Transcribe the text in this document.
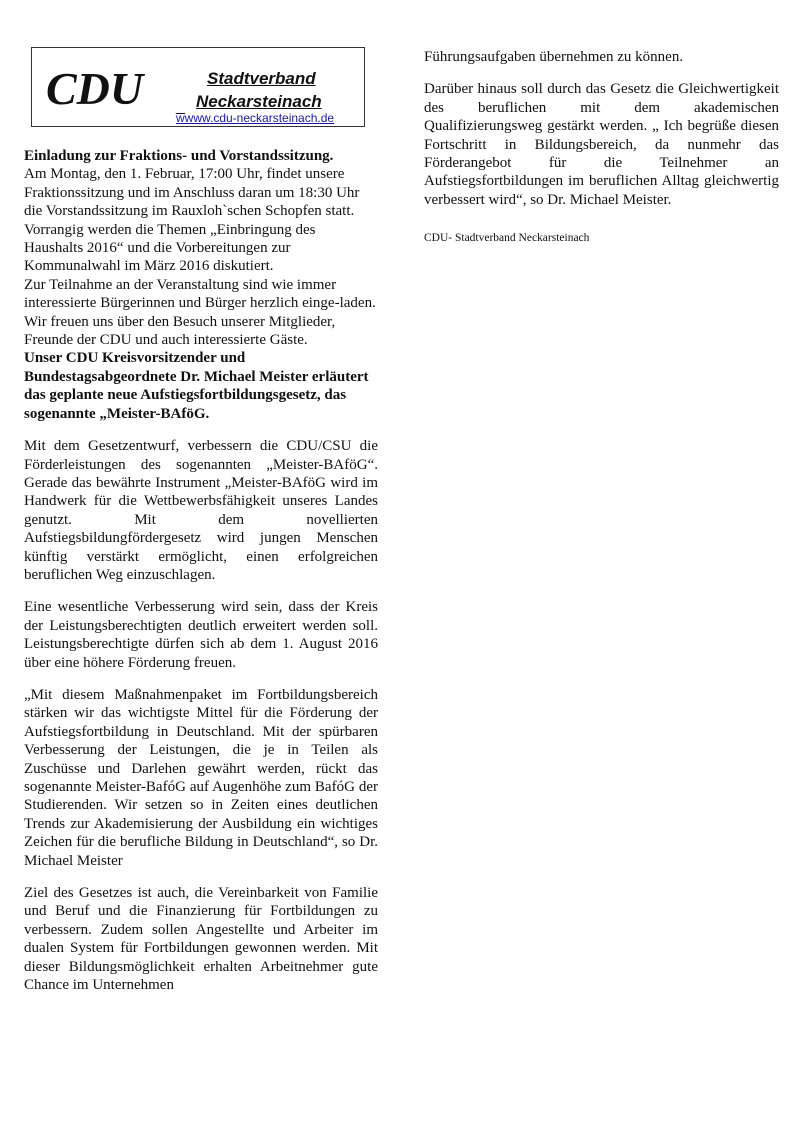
CDU	Stadtverband
_ Neckarsteinach
wwww.cdu-neckarsteinach.de

Einladung zur Fraktions- und Vorstandssitzung.

Am Montag, den 1. Februar, 17:00 Uhr, findet unsere Fraktionssitzung und im Anschluss daran um 18:30 Uhr die Vorstandssitzung im Rauxloh`schen Schopfen statt.

Vorrangig werden die Themen „Einbringung des Haushalts 2016“ und die Vorbereitungen zur Kommunalwahl im März 2016 diskutiert.

Zur Teilnahme an der Veranstaltung sind wie immer interessierte Bürgerinnen und Bürger herzlich einge-laden. Wir freuen uns über den Besuch unserer Mitglieder, Freunde der CDU und auch interessierte Gäste.

Unser CDU Kreisvorsitzender und Bundestagsabgeordnete Dr. Michael Meister erläutert das geplante neue Aufstiegsfortbildungsgesetz, das sogenannte „Meister-BAföG.

Mit dem Gesetzentwurf, verbessern die CDU/CSU die Förderleistungen des sogenannten „Meister-BAföG“. Gerade das bewährte Instrument „Meister-BAföG wird im Handwerk für die Wettbewerbsfähigkeit unseres Landes genutzt. Mit dem novellierten Aufstiegsbildungfördergesetz wird jungen Menschen künftig verstärkt ermöglicht, einen erfolgreichen beruflichen Weg einzuschlagen.

Eine wesentliche Verbesserung wird sein, dass der Kreis der Leistungsberechtigten deutlich erweitert werden soll. Leistungsberechtigte dürfen sich ab dem 1. August 2016 über eine höhere Förderung freuen.

„Mit diesem Maßnahmenpaket im Fortbildungsbereich stärken wir das wichtigste Mittel für die Förderung der Aufstiegsfortbildung in Deutschland. Mit der spürbaren Verbesserung der Leistungen, die je in Teilen als Zuschüsse und Darlehen gewährt werden, rückt das sogenannte Meister-BafóG auf Augenhöhe zum BafóG der Studierenden. Wir setzen so in Zeiten eines deutlichen Trends zur Akademisierung der Ausbildung ein wichtiges Zeichen für die berufliche Bildung in Deutschland“, so Dr. Michael Meister

Ziel des Gesetzes ist auch, die Vereinbarkeit von Familie und Beruf und die Finanzierung für Fortbildungen zu verbessern. Zudem sollen Angestellte und Arbeiter im dualen System für Fortbildungen gewonnen werden. Mit dieser Bildungsmöglichkeit erhalten Arbeitnehmer gute Chance im Unternehmen

Führungsaufgaben übernehmen zu können.

Darüber hinaus soll durch das Gesetz die Gleichwertigkeit des beruflichen mit dem akademischen Qualifizierungsweg gestärkt werden. „ Ich begrüße diesen Fortschritt in Bildungsbereich, da nunmehr das Förderangebot für die Teilnehmer an Aufstiegsfortbildungen im beruflichen Alltag gleichwertig verbessert wird“, so Dr. Michael Meister.

CDU- Stadtverband Neckarsteinach
